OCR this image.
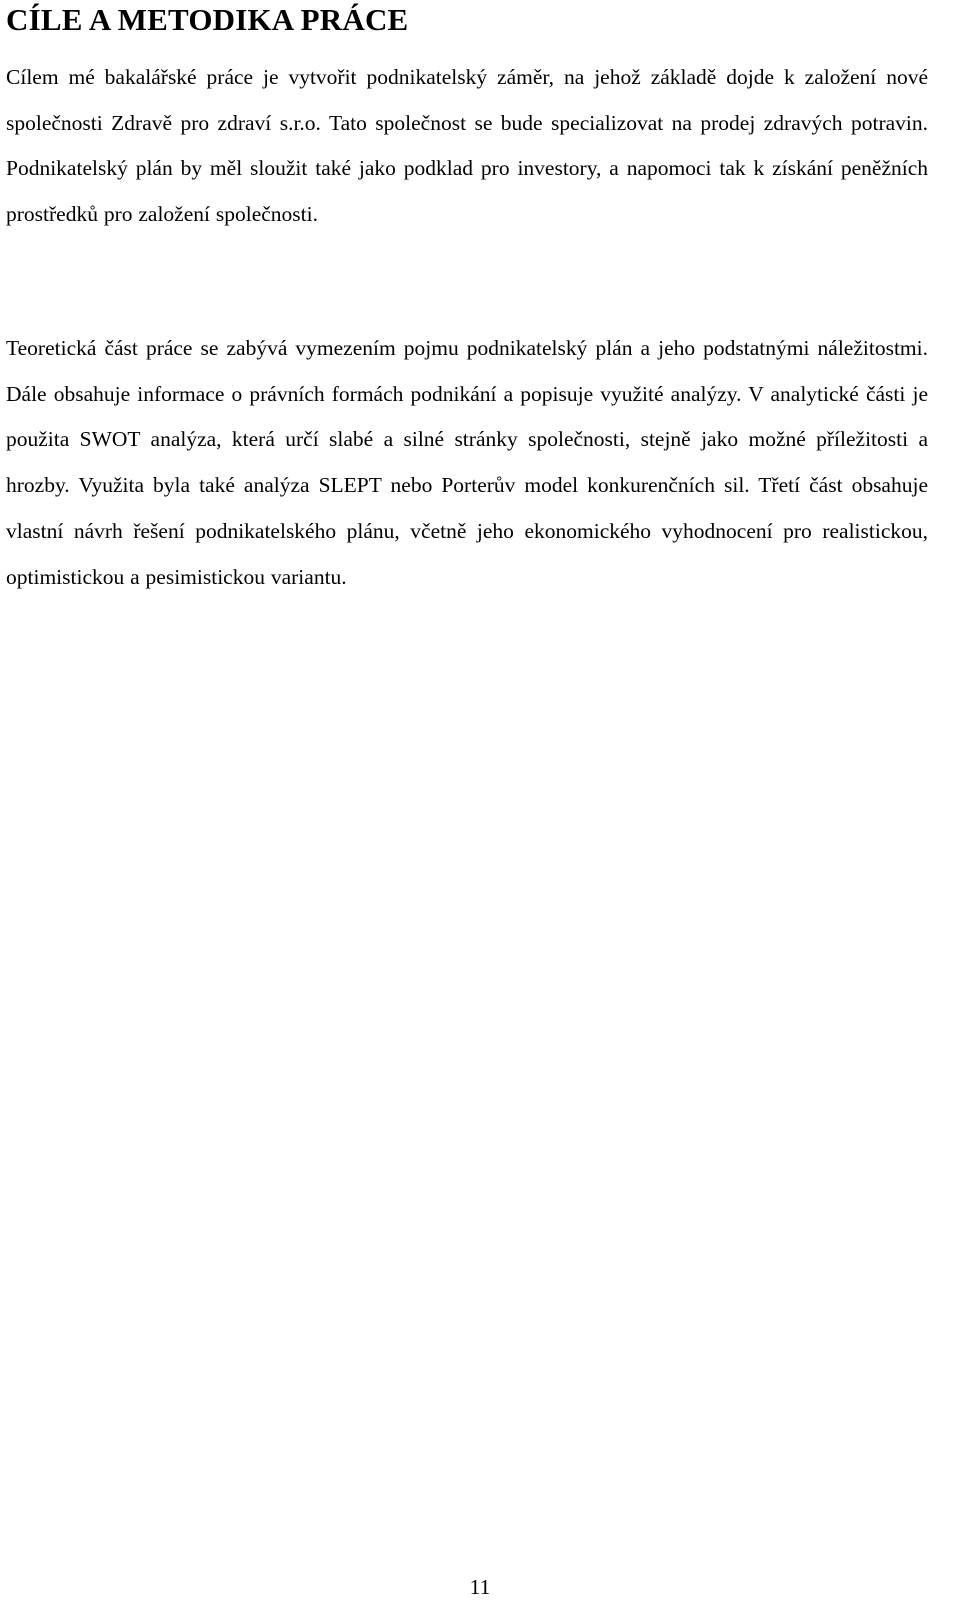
CÍLE A METODIKA PRÁCE

Cílem mé bakalářské práce je vytvořit podnikatelský záměr, na jehož základě dojde k založení nové společnosti Zdravě pro zdraví s.r.o. Tato společnost se bude specializovat na prodej zdravých potravin. Podnikatelský plán by měl sloužit také jako podklad pro investory, a napomoci tak k získání peněžních prostředků pro založení společnosti.

Teoretická část práce se zabývá vymezením pojmu podnikatelský plán a jeho podstatnými náležitostmi. Dále obsahuje informace o právních formách podnikání a popisuje využité analýzy. V analytické části je použita SWOT analýza, která určí slabé a silné stránky společnosti, stejně jako možné příležitosti a hrozby. Využita byla také analýza SLEPT nebo Porterův model konkurenčních sil. Třetí část obsahuje vlastní návrh řešení podnikatelského plánu, včetně jeho ekonomického vyhodnocení pro realistickou, optimistickou a pesimistickou variantu.

11
